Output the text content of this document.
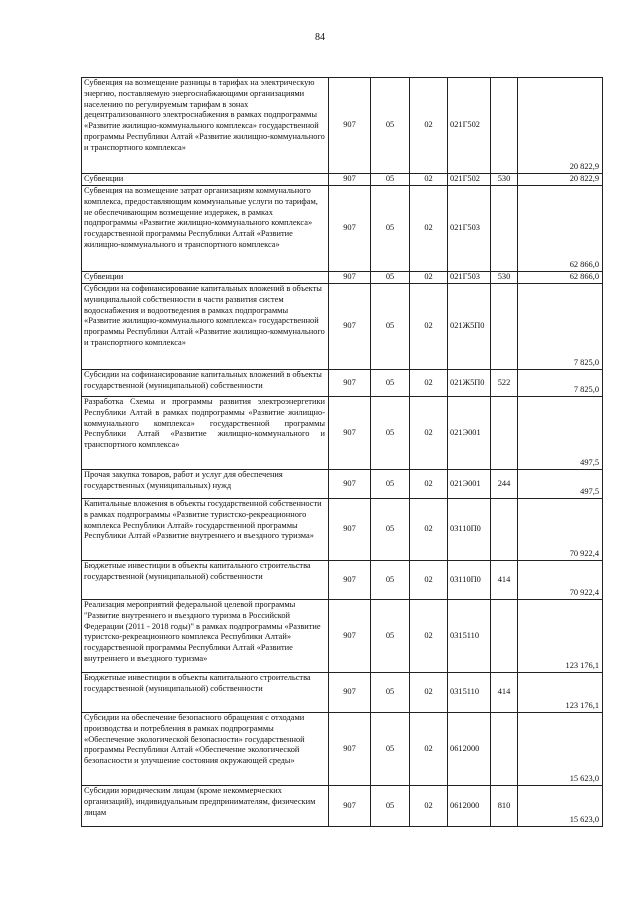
84
Субвенция на возмещение разницы в тарифах на электрическую энергию, поставляемую энергоснабжающими организациями населению по регулируемым тарифам в зонах децентрализованного электроснабжения в рамках подпрограммы «Развитие жилищно-коммунального комплекса» государственной программы Республики Алтай «Развитие жилищно-коммунального и транспортного комплекса»	907	05	02	021Г502		20 822,9
Субвенции	907	05	02	021Г502	530	20 822,9
Субвенция на возмещение затрат организациям коммунального комплекса, предоставляющим коммунальные услуги по тарифам, не обеспечивающим возмещение издержек, в рамках подпрограммы «Развитие жилищно-коммунального комплекса» государственной программы Республики Алтай «Развитие жилищно-коммунального и транспортного комплекса»	907	05	02	021Г503		62 866,0
Субвенции	907	05	02	021Г503	530	62 866,0
Субсидии на софинансирование капитальных вложений в объекты муниципальной собственности в части развития систем водоснабжения и водоотведения в рамках подпрограммы «Развитие жилищно-коммунального комплекса» государственной программы Республики Алтай «Развитие жилищно-коммунального и транспортного комплекса»	907	05	02	021Ж5П0		7 825,0
Субсидии на софинансирование капитальных вложений в объекты государственной (муниципальной) собственности	907	05	02	021Ж5П0	522	7 825,0
Разработка Схемы и программы развития электроэнергетики Республики Алтай в рамках подпрограммы «Развитие жилищно-коммунального комплекса» государственной программы Республики Алтай «Развитие жилищно-коммунального и транспортного комплекса»	907	05	02	021Э001		497,5
Прочая закупка товаров, работ и услуг для обеспечения государственных (муниципальных) нужд	907	05	02	021Э001	244	497,5
Капитальные вложения в объекты государственной собственности в рамках подпрограммы «Развитие туристско-рекреационного комплекса Республики Алтай» государственной программы Республики Алтай «Развитие внутреннего и въездного туризма»	907	05	02	03110П0		70 922,4
Бюджетные инвестиции в объекты капитального строительства государственной (муниципальной) собственности	907	05	02	03110П0	414	70 922,4
Реализация мероприятий федеральной целевой программы "Развитие внутреннего и въездного туризма в Российской Федерации (2011 - 2018 годы)" в рамках подпрограммы «Развитие туристско-рекреационного комплекса Республики Алтай» государственной программы Республики Алтай «Развитие внутреннего и въездного туризма»	907	05	02	0315110		123 176,1
Бюджетные инвестиции в объекты капитального строительства государственной (муниципальной) собственности	907	05	02	0315110	414	123 176,1
Субсидии на обеспечение безопасного обращения с отходами производства и потребления в рамках подпрограммы «Обеспечение экологической безопасности» государственной программы Республики Алтай «Обеспечение экологической безопасности и улучшение состояния окружающей среды»	907	05	02	0612000		15 623,0
Субсидии юридическим лицам (кроме некоммерческих организаций), индивидуальным предпринимателям, физическим лицам	907	05	02	0612000	810	15 623,0
